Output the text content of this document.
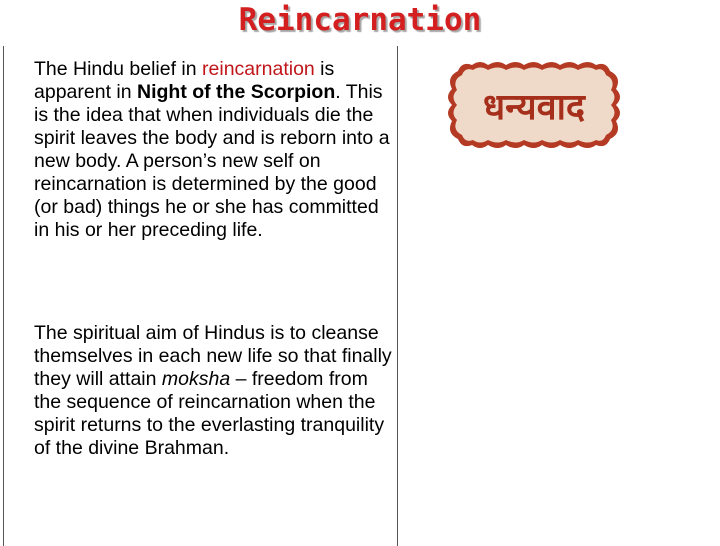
Reincarnation
The Hindu belief in reincarnation is apparent in Night of the Scorpion. This is the idea that when individuals die the spirit leaves the body and is reborn into a new body. A person’s new self on reincarnation is determined by the good (or bad) things he or she has committed in his or her preceding life.
The spiritual aim of Hindus is to cleanse themselves in each new life so that finally they will attain moksha – freedom from the sequence of reincarnation when the spirit returns to the everlasting tranquility of the divine Brahman.
धन्यवाद
